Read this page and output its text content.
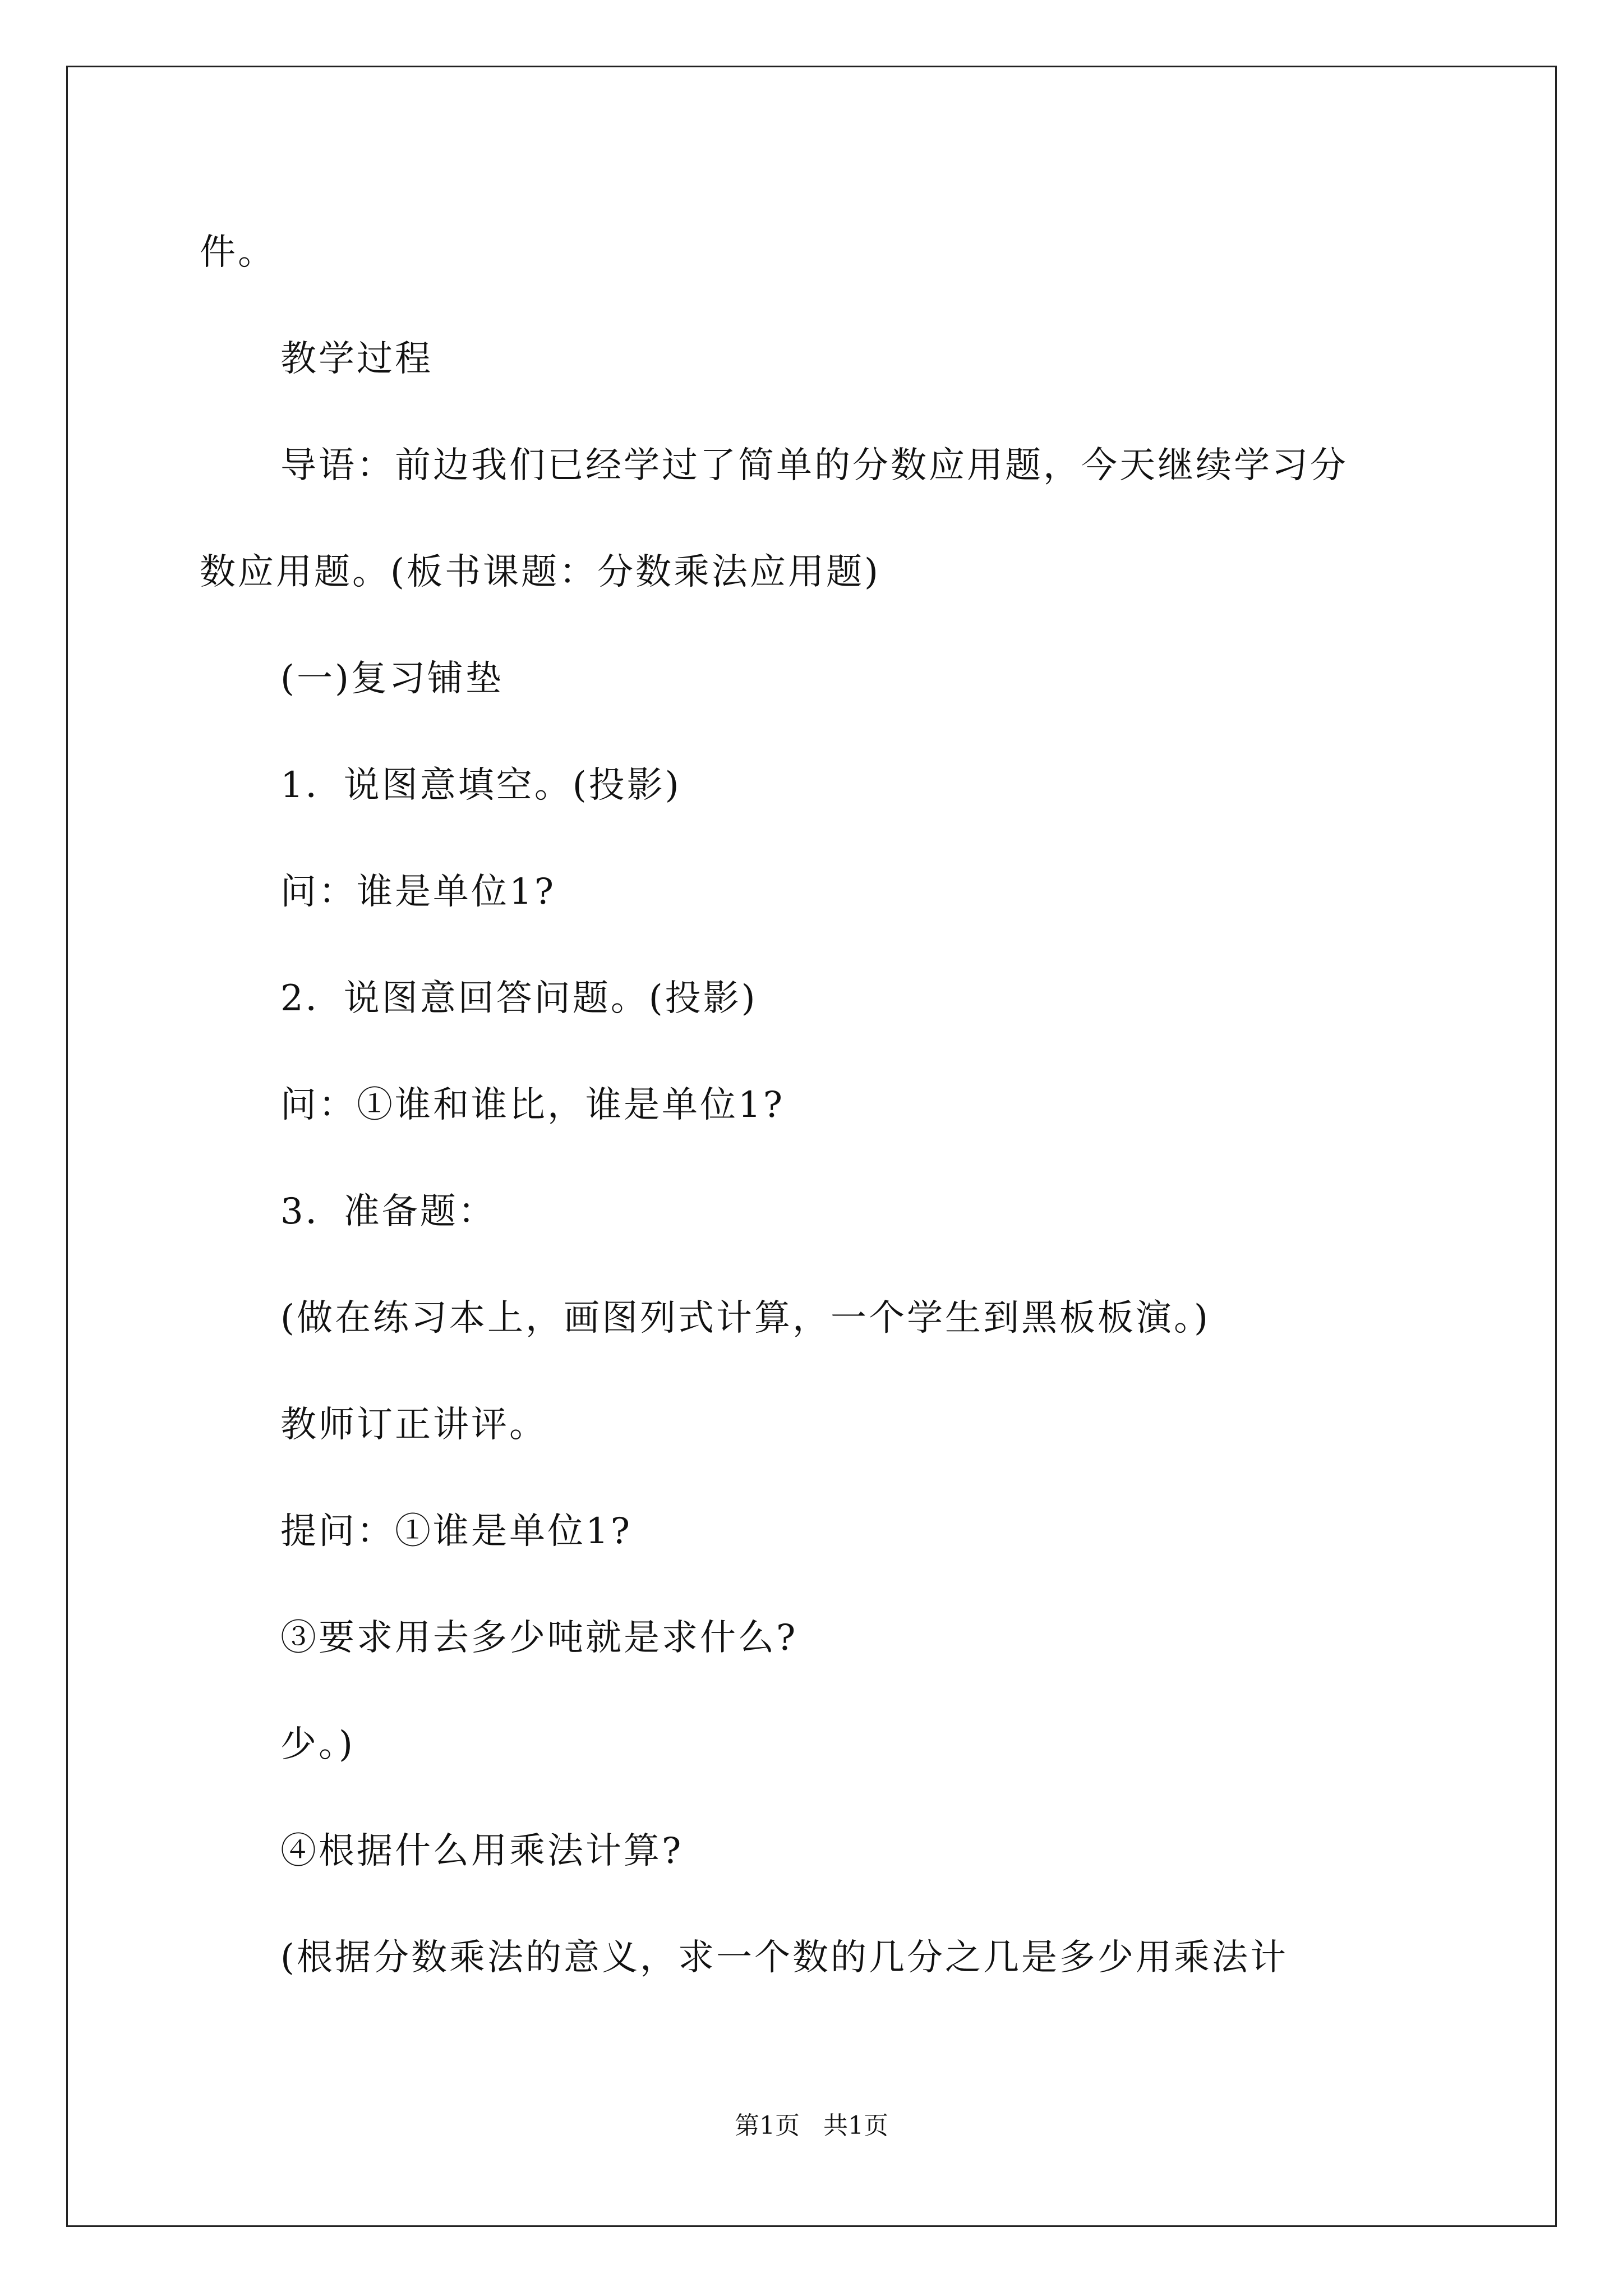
件。
教学过程
导语：前边我们已经学过了简单的分数应用题，今天继续学习分
数应用题。(板书课题：分数乘法应用题)
(一)复习铺垫
1．说图意填空。(投影)
问：谁是单位1?
2．说图意回答问题。(投影)
问：①谁和谁比，谁是单位1?
3．准备题：
(做在练习本上，画图列式计算，一个学生到黑板板演。)
教师订正讲评。
提问：①谁是单位1?
③要求用去多少吨就是求什么?
少。)
④根据什么用乘法计算?
(根据分数乘法的意义，求一个数的几分之几是多少用乘法计
第1页   共1页
